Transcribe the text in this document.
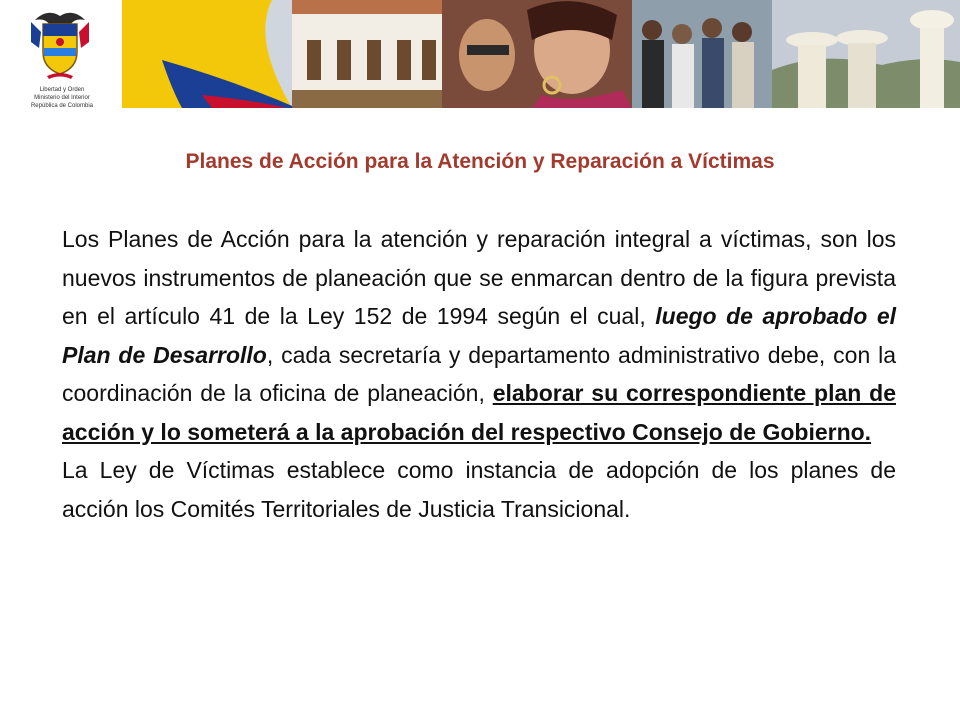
Libertad y Orden
Ministerio del Interior
República de Colombia
Planes de Acción para la Atención y Reparación a Víctimas

Los Planes de Acción para la atención y reparación integral a víctimas, son los nuevos instrumentos de planeación que se enmarcan dentro de la figura prevista en el artículo 41 de la Ley 152 de 1994 según el cual, luego de aprobado el Plan de Desarrollo, cada secretaría y departamento administrativo debe, con la coordinación de la oficina de planeación, elaborar su correspondiente plan de acción y lo someterá a la aprobación del respectivo Consejo de Gobierno.

La Ley de Víctimas establece como instancia de adopción de los planes de acción los Comités Territoriales de Justicia Transicional.
